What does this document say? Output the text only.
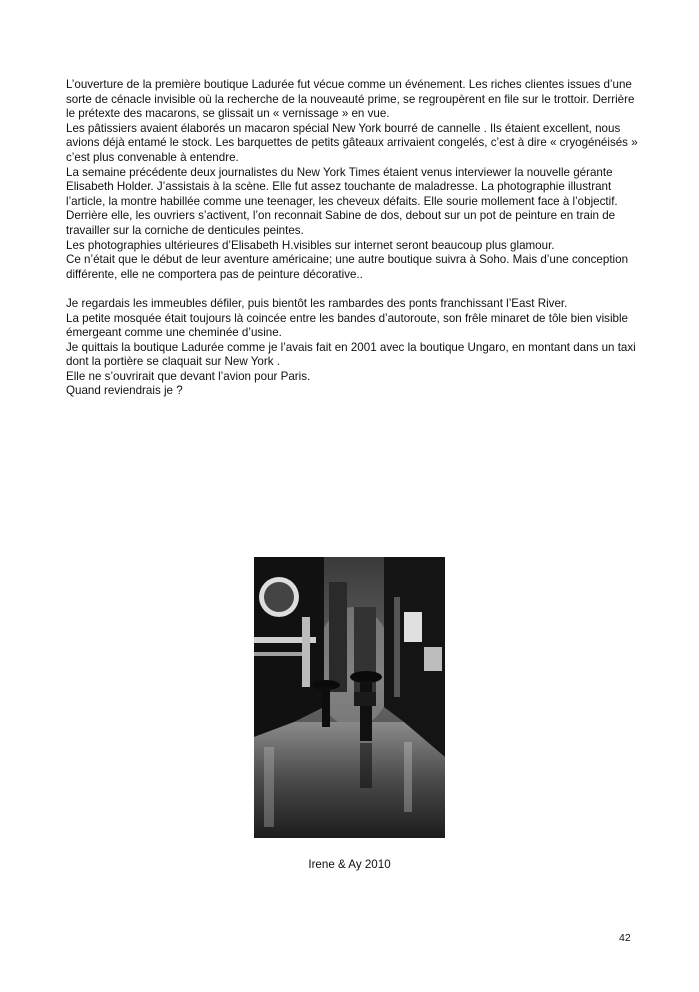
L’ouverture de la première boutique Ladurée fut vécue comme un événement. Les riches clientes issues d’une sorte de cénacle invisible où la recherche de la nouveauté prime, se regroupèrent en file sur le trottoir. Derrière le prétexte des macarons, se glissait un « vernissage » en vue.

Les pâtissiers avaient élaborés un macaron spécial New York bourré de cannelle . Ils étaient excellent, nous avions déjà entamé le stock. Les barquettes de petits gâteaux arrivaient congelés, c’est à dire « cryogénéisés » c’est plus convenable à entendre.

La semaine précédente deux journalistes du New York Times étaient venus interviewer la nouvelle gérante Elisabeth Holder. J’assistais à la scène. Elle fut assez touchante de maladresse. La photographie illustrant l’article, la montre habillée comme une teenager, les cheveux défaits. Elle sourie mollement face à l’objectif. Derrière elle, les ouvriers s’activent, l’on reconnait Sabine de dos, debout sur un pot de peinture en train de travailler sur la corniche de denticules peintes.

Les photographies ultérieures d’Elisabeth H.visibles sur internet seront beaucoup plus glamour.

Ce n’était que le début de leur aventure américaine; une autre boutique suivra à Soho. Mais d’une conception différente, elle ne comportera pas de peinture décorative..

Je regardais les immeubles défiler, puis bientôt les rambardes des ponts franchissant l’East River.

La petite mosquée était toujours là coincée entre les bandes d’autoroute, son frêle minaret de tôle bien visible émergeant comme une cheminée d’usine.

Je quittais la boutique Ladurée comme je l’avais fait en 2001 avec la boutique Ungaro, en montant dans un taxi dont la portière se claquait sur New York .

Elle ne s’ouvrirait que devant l’avion pour Paris.

Quand reviendrais je ?

Irene & Ay 2010
42
